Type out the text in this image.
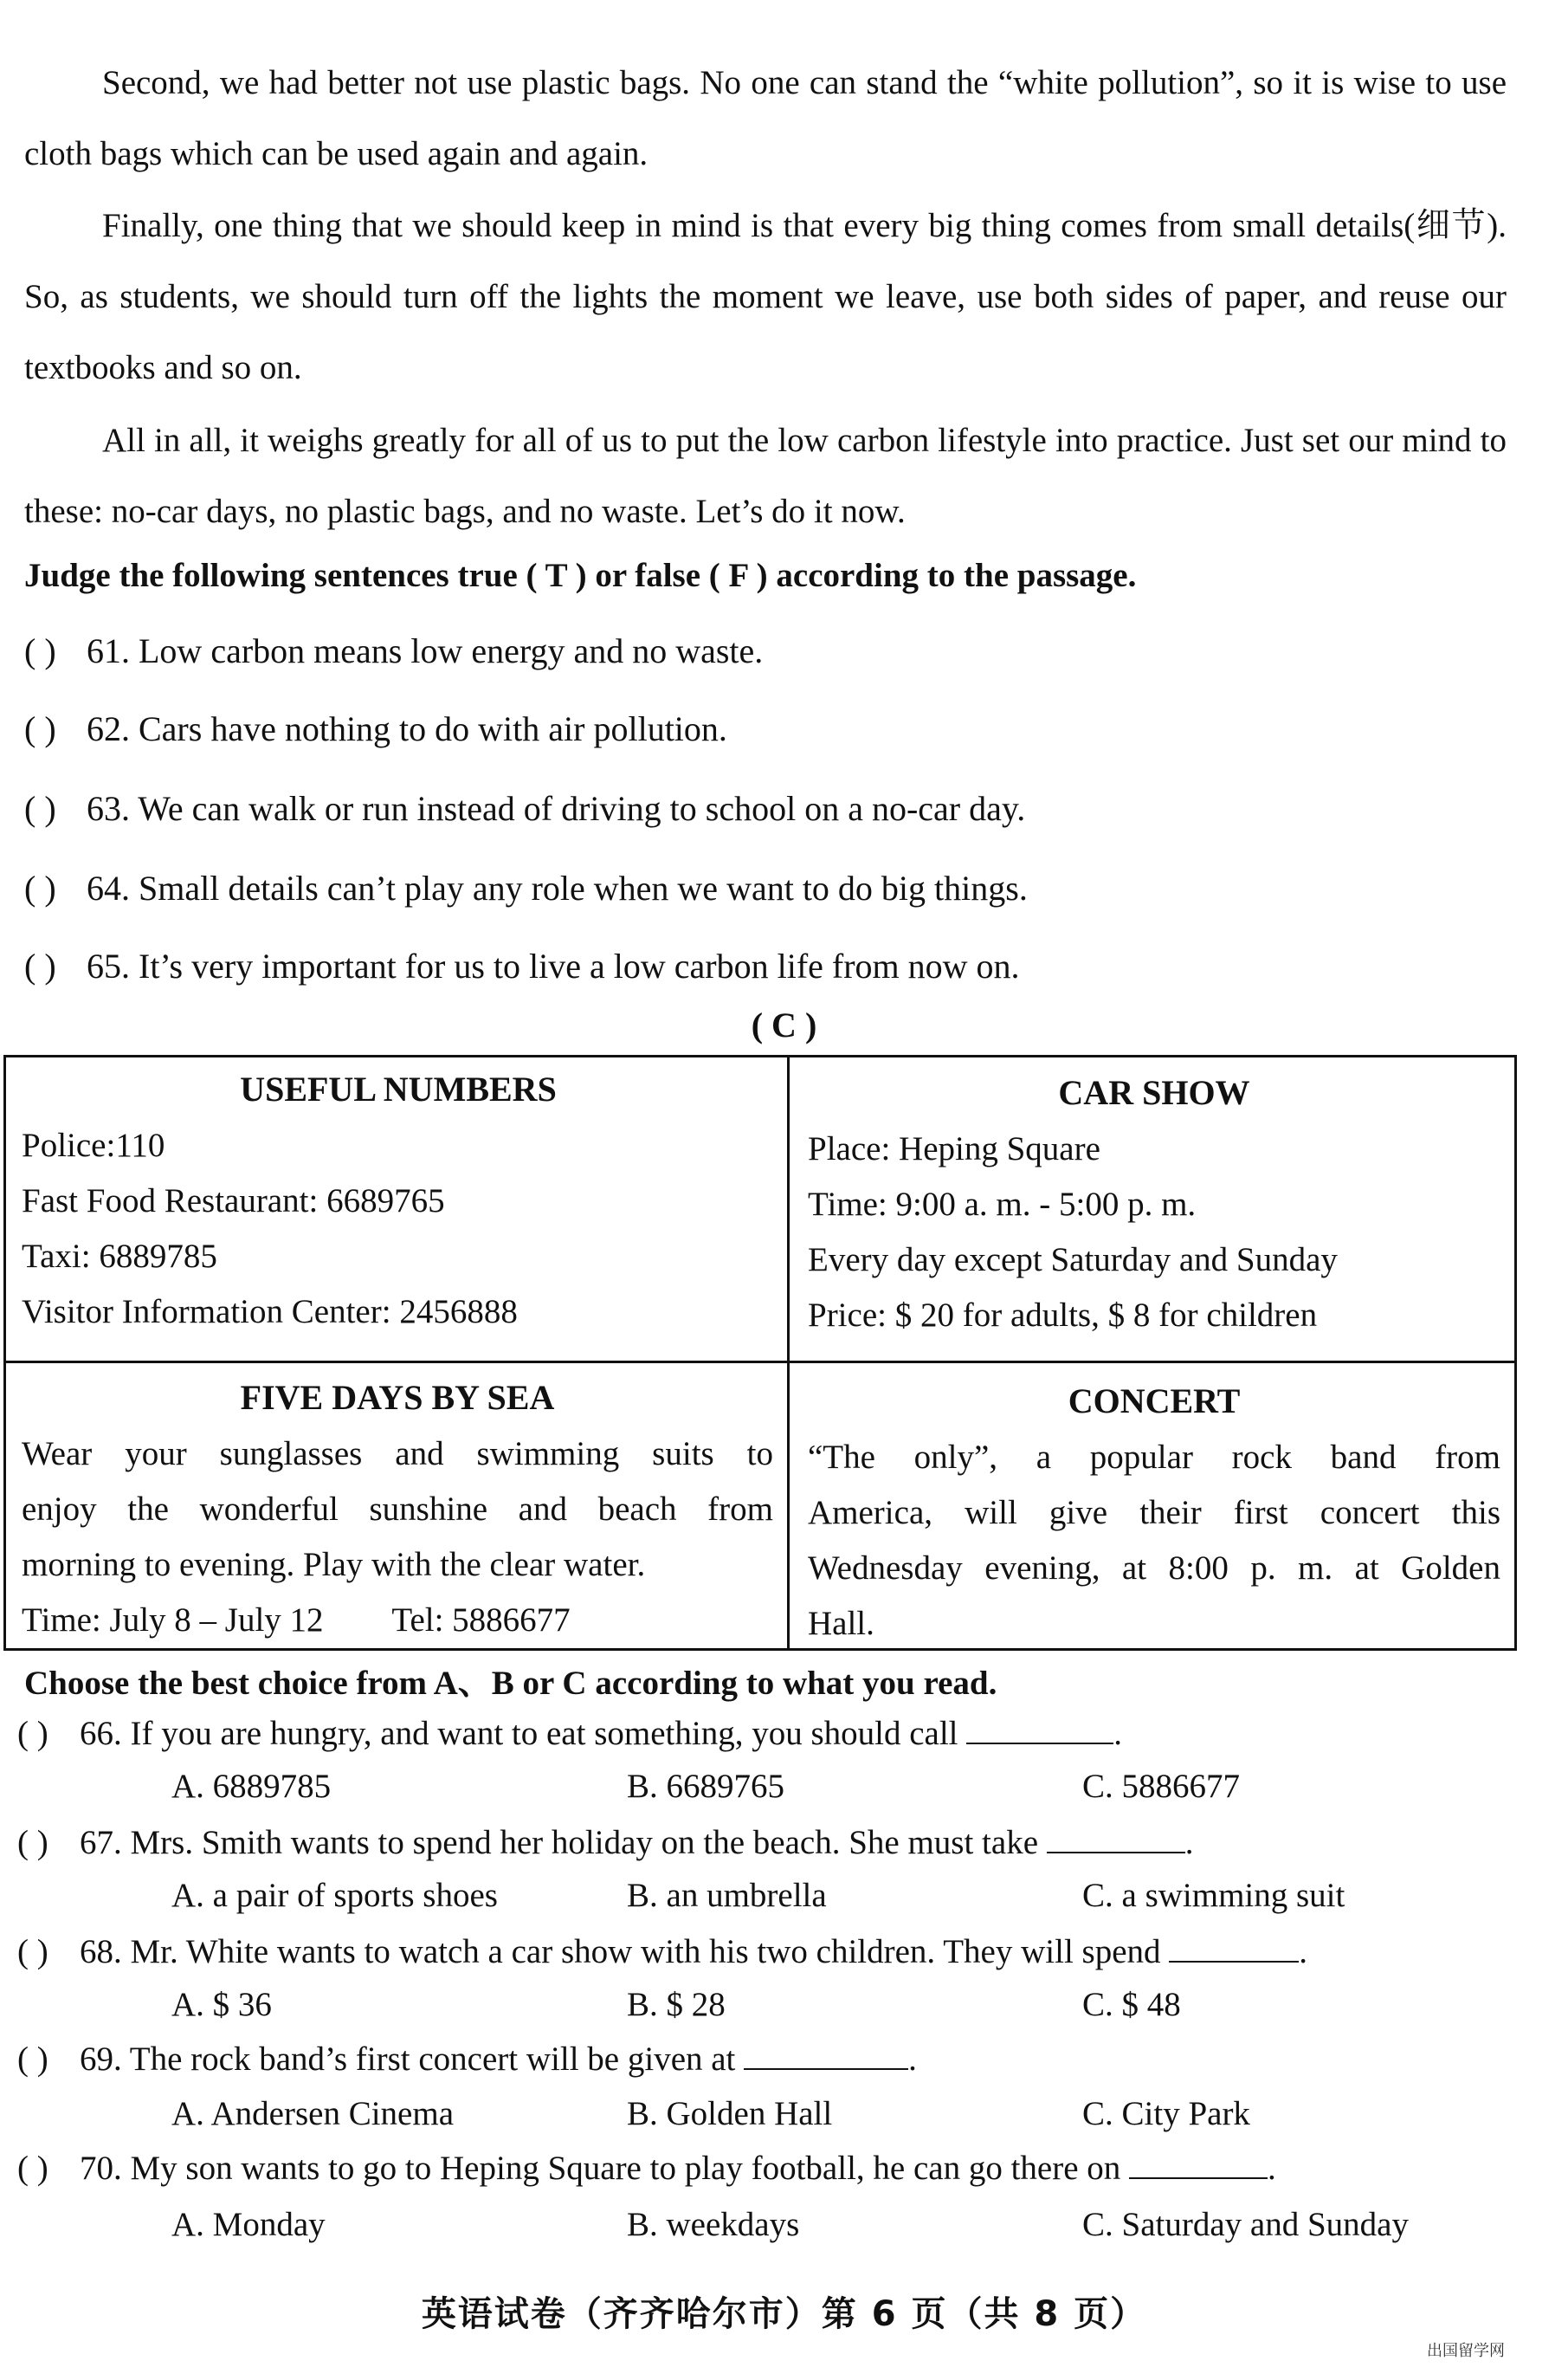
Second, we had better not use plastic bags. No one can stand the “white pollution”, so it is wise to use cloth bags which can be used again and again.
Finally, one thing that we should keep in mind is that every big thing comes from small details(细节). So, as students, we should turn off the lights the moment we leave, use both sides of paper, and reuse our textbooks and so on.
All in all, it weighs greatly for all of us to put the low carbon lifestyle into practice. Just set our mind to these: no-car days, no plastic bags, and no waste. Let’s do it now.
Judge the following sentences true ( T ) or false ( F ) according to the passage.
( ) 61. Low carbon means low energy and no waste.
( ) 62. Cars have nothing to do with air pollution.
( ) 63. We can walk or run instead of driving to school on a no-car day.
( ) 64. Small details can’t play any role when we want to do big things.
( ) 65. It’s very important for us to live a low carbon life from now on.
( C )
USEFUL NUMBERS
Police:110
Fast Food Restaurant: 6689765
Taxi: 6889785
Visitor Information Center: 2456888
CAR SHOW
Place: Heping Square
Time: 9:00 a. m. - 5:00 p. m.
Every day except Saturday and Sunday
Price: $ 20 for adults, $ 8 for children
FIVE DAYS BY SEA
Wear your sunglasses and swimming suits to
enjoy the wonderful sunshine and beach from
morning to evening. Play with the clear water.
Time: July 8 – July 12 Tel: 5886677
CONCERT
“The only”, a popular rock band from
America, will give their first concert this
Wednesday evening, at 8:00 p. m. at Golden
Hall.
Choose the best choice from A、B or C according to what you read.
( ) 66. If you are hungry, and want to eat something, you should call	.
A. 6889785	B. 6689765	C. 5886677
( ) 67. Mrs. Smith wants to spend her holiday on the beach. She must take	.
A. a pair of sports shoes	B. an umbrella	C. a swimming suit
( ) 68. Mr. White wants to watch a car show with his two children. They will spend	.
A. $ 36	B. $ 28	C. $ 48
( ) 69. The rock band’s first concert will be given at	.
A. Andersen Cinema	B. Golden Hall	C. City Park
( ) 70. My son wants to go to Heping Square to play football, he can go there on	.
A. Monday	B. weekdays	C. Saturday and Sunday
英语试卷（齐齐哈尔市）第 6 页（共 8 页）
出国留学网
